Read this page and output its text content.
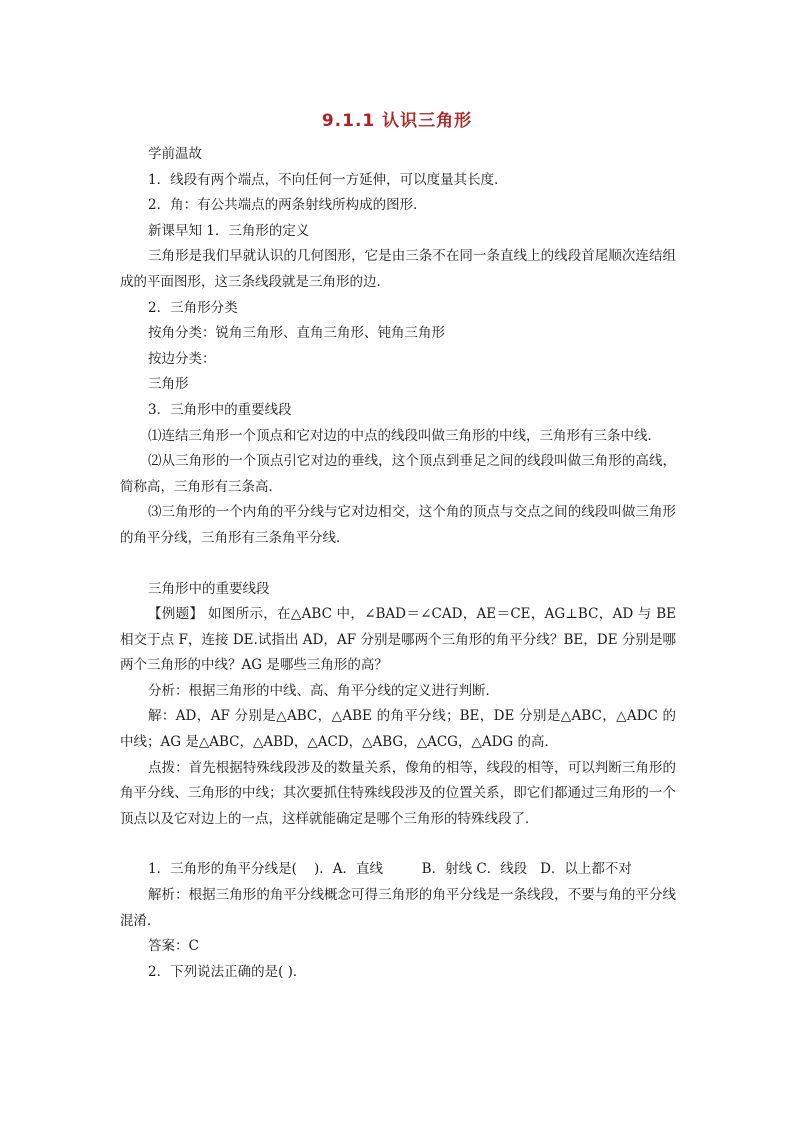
9.1.1 认识三角形

学前温故

1．线段有两个端点，不向任何一方延伸，可以度量其长度．

2．角：有公共端点的两条射线所构成的图形．

新课早知 1．三角形的定义

三角形是我们早就认识的几何图形，它是由三条不在同一条直线上的线段首尾顺次连结组成的平面图形，这三条线段就是三角形的边．

2．三角形分类

按角分类：锐角三角形、直角三角形、钝角三角形

按边分类：

三角形

3．三角形中的重要线段

⑴连结三角形一个顶点和它对边的中点的线段叫做三角形的中线，三角形有三条中线．

⑵从三角形的一个顶点引它对边的垂线，这个顶点到垂足之间的线段叫做三角形的高线，简称高，三角形有三条高．

⑶三角形的一个内角的平分线与它对边相交，这个角的顶点与交点之间的线段叫做三角形的角平分线，三角形有三条角平分线．

三角形中的重要线段

【例题】 如图所示，在△ABC 中，∠BAD＝∠CAD，AE＝CE，AG⊥BC，AD 与 BE 相交于点 F，连接 DE.试指出 AD，AF 分别是哪两个三角形的角平分线？BE，DE 分别是哪两个三角形的中线？AG 是哪些三角形的高？

分析：根据三角形的中线、高、角平分线的定义进行判断．

解：AD，AF 分别是△ABC，△ABE 的角平分线；BE，DE 分别是△ABC，△ADC 的中线；AG 是△ABC，△ABD，△ACD，△ABG，△ACG，△ADG 的高．

点拨：首先根据特殊线段涉及的数量关系，像角的相等，线段的相等，可以判断三角形的角平分线、三角形的中线；其次要抓住特殊线段涉及的位置关系，即它们都通过三角形的一个顶点以及它对边上的一点，这样就能确定是哪个三角形的特殊线段了．

1．三角形的角平分线是(    )．A．直线         B．射线 C．线段   D．以上都不对

解析：根据三角形的角平分线概念可得三角形的角平分线是一条线段，不要与角的平分线混淆．

答案：C

2．下列说法正确的是( )．
